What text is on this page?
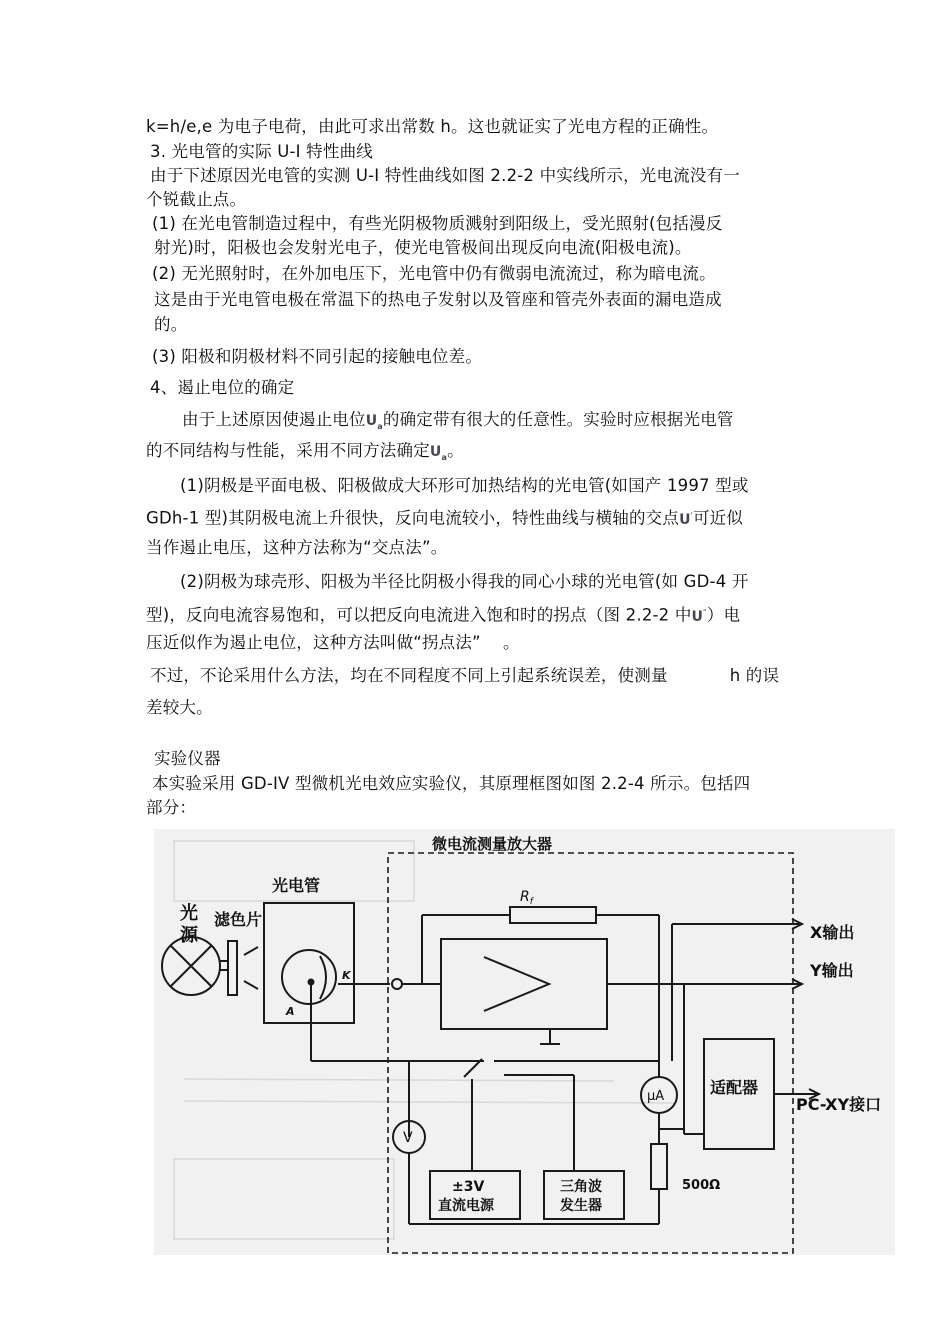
k=h/e,e 为电子电荷，由此可求出常数 h。这也就证实了光电方程的正确性。
3. 光电管的实际 U-I 特性曲线
由于下述原因光电管的实测 U-I 特性曲线如图 2.2-2 中实线所示，光电流没有一
个锐截止点。
(1) 在光电管制造过程中，有些光阴极物质溅射到阳级上，受光照射(包括漫反
射光)时，阳极也会发射光电子，使光电管极间出现反向电流(阳极电流)。
(2) 无光照射时，在外加电压下，光电管中仍有微弱电流流过，称为暗电流。
这是由于光电管电极在常温下的热电子发射以及管座和管壳外表面的漏电造成
的。
(3) 阳极和阴极材料不同引起的接触电位差。
4、遏止电位的确定
由于上述原因使遏止电位$U_a$的确定带有很大的任意性。实验时应根据光电管
的不同结构与性能，采用不同方法确定$U_a$。
(1)阴极是平面电极、阳极做成大环形可加热结构的光电管(如国产 1997 型或
GDh-1 型)其阴极电流上升很快，反向电流较小，特性曲线与横轴的交点U′可近似
当作遏止电压，这种方法称为“交点法”。
(2)阴极为球壳形、阳极为半径比阴极小得我的同心小球的光电管(如 GD-4 开
型)，反向电流容易饱和，可以把反向电流进入饱和时的拐点（图 2.2-2 中U″）电
压近似作为遏止电位，这种方法叫做“拐点法”　 。
不过，不论采用什么方法，均在不同程度不同上引起系统误差，使测量	h 的误
差较大。
实验仪器
本实验采用 GD-IV 型微机光电效应实验仪，其原理框图如图 2.2-4 所示。包括四
部分：
微电流测量放大器
光
源
滤色片
光电管
A
K
$R_f$
X输出
Y输出
μA
V
适配器
PC-XY接口
±3V
直流电源
三角波
发生器
500Ω
